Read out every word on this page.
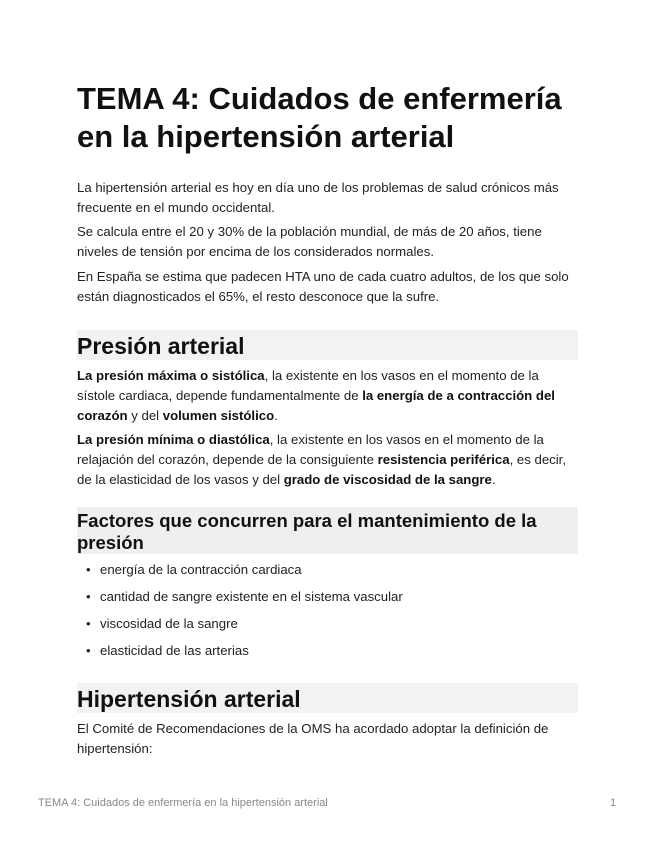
TEMA 4: Cuidados de enfermería en la hipertensión arterial

La hipertensión arterial es hoy en día uno de los problemas de salud crónicos más frecuente en el mundo occidental.

Se calcula entre el 20 y 30% de la población mundial, de más de 20 años, tiene niveles de tensión por encima de los considerados normales.

En España se estima que padecen HTA uno de cada cuatro adultos, de los que solo están diagnosticados el 65%, el resto desconoce que la sufre.

Presión arterial

La presión máxima o sistólica, la existente en los vasos en el momento de la sístole cardiaca, depende fundamentalmente de la energía de a contracción del corazón y del volumen sistólico.

La presión mínima o diastólica, la existente en los vasos en el momento de la relajación del corazón, depende de la consiguiente resistencia periférica, es decir, de la elasticidad de los vasos y del grado de viscosidad de la sangre.

Factores que concurren para el mantenimiento de la presión
• energía de la contracción cardiaca
• cantidad de sangre existente en el sistema vascular
• viscosidad de la sangre
• elasticidad de las arterias
Hipertensión arterial

El Comité de Recomendaciones de la OMS ha acordado adoptar la definición de hipertensión:

TEMA 4: Cuidados de enfermería en la hipertensión arterial	1
